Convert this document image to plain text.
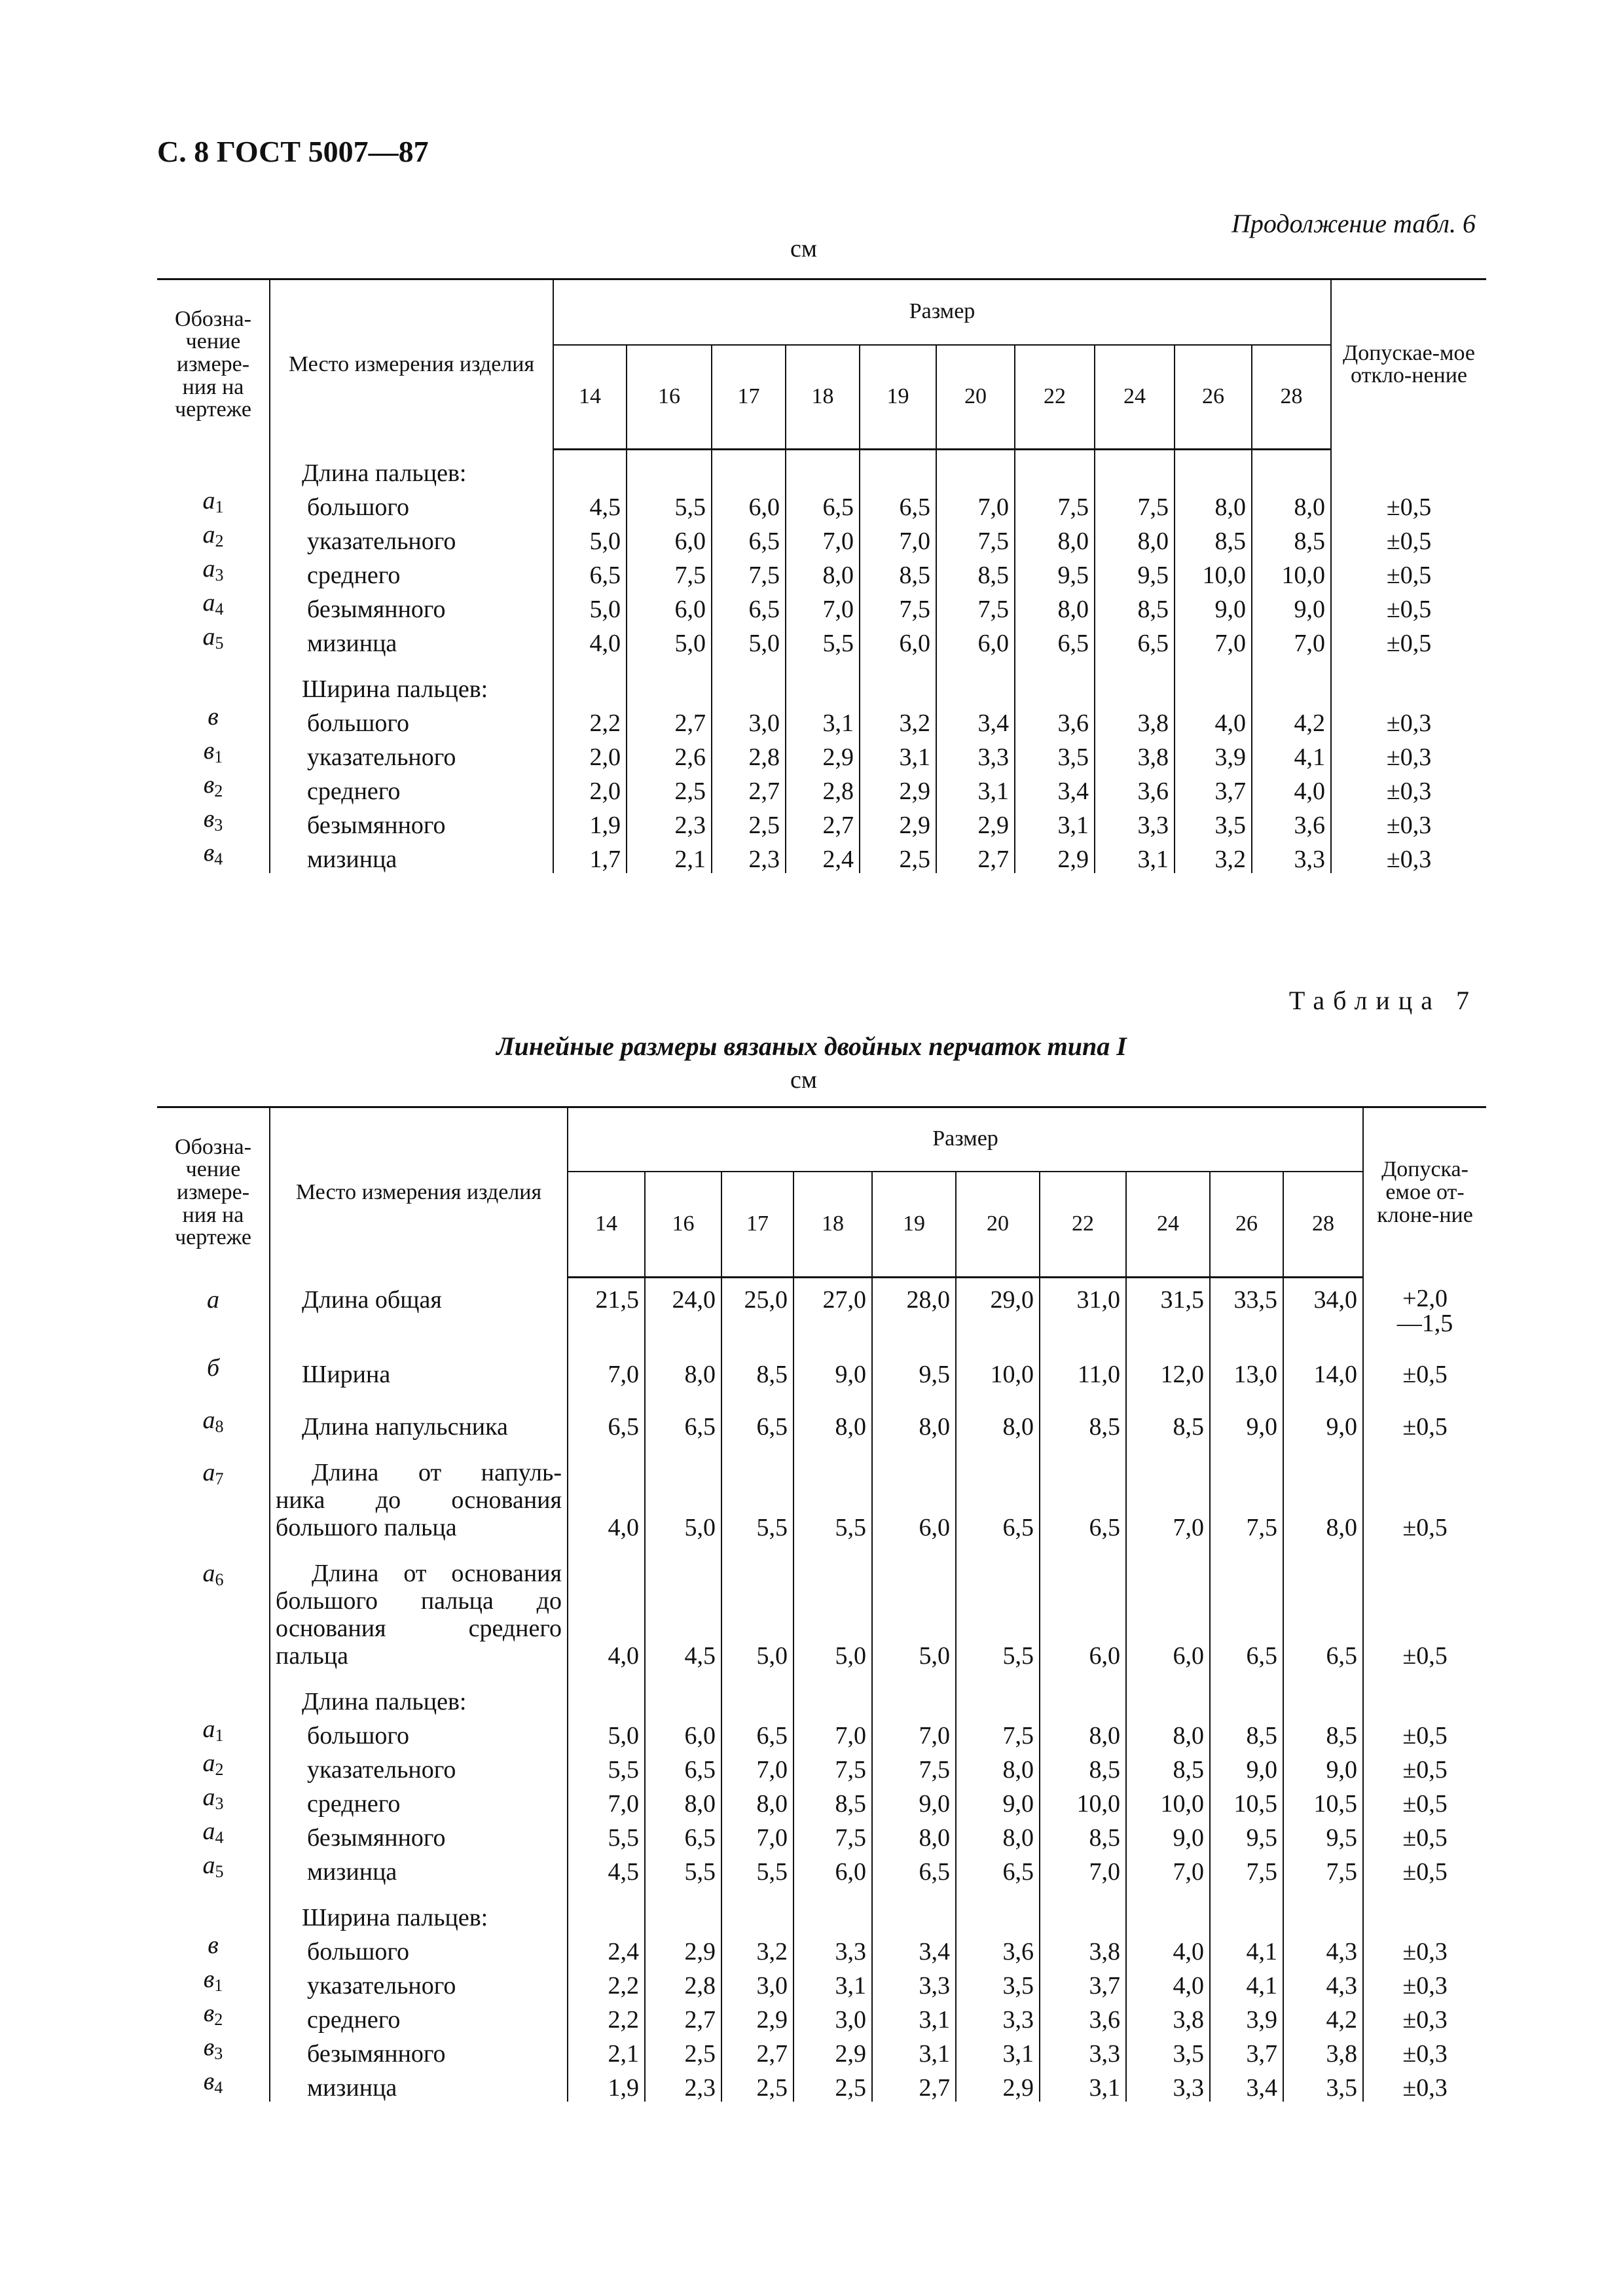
С. 8 ГОСТ 5007—87
Продолжение табл. 6
см
Обозна-чение измере-ния на чертеже	Место измерения изделия	Размер										Допускае-мое откло-нение
		14	16	17	18	19	20	22	24	26	28	

	Длина пальцев:											

$a_1$	большого	4,5	5,5	6,0	6,5	6,5	7,0	7,5	7,5	8,0	8,0	±0,5
$a_2$	указательного	5,0	6,0	6,5	7,0	7,0	7,5	8,0	8,0	8,5	8,5	±0,5
$a_3$	среднего	6,5	7,5	7,5	8,0	8,5	8,5	9,5	9,5	10,0	10,0	±0,5
$a_4$	безымянного	5,0	6,0	6,5	7,0	7,5	7,5	8,0	8,5	9,0	9,0	±0,5
$a_5$	мизинца	4,0	5,0	5,0	5,5	6,0	6,0	6,5	6,5	7,0	7,0	±0,5

	Ширина пальцев:											

в	большого	2,2	2,7	3,0	3,1	3,2	3,4	3,6	3,8	4,0	4,2	±0,3
$в_1$	указательного	2,0	2,6	2,8	2,9	3,1	3,3	3,5	3,8	3,9	4,1	±0,3
$в_2$	среднего	2,0	2,5	2,7	2,8	2,9	3,1	3,4	3,6	3,7	4,0	±0,3
$в_3$	безымянного	1,9	2,3	2,5	2,7	2,9	2,9	3,1	3,3	3,5	3,6	±0,3
$в_4$	мизинца	1,7	2,1	2,3	2,4	2,5	2,7	2,9	3,1	3,2	3,3	±0,3
Таблица 7
Линейные размеры вязаных двойных перчаток типа I
см
Обозна-чение измере-ния на чертеже	Место измерения изделия	Размер										Допуска-емое от-клоне-ние
		14	16	17	18	19	20	22	24	26	28	

а	Длина общая	21,5	24,0	25,0	27,0	28,0	29,0	31,0	31,5	33,5	34,0	+2,0
—1,5

б	Ширина	7,0	8,0	8,5	9,0	9,5	10,0	11,0	12,0	13,0	14,0	±0,5

$a_8$	Длина напульсника	6,5	6,5	6,5	8,0	8,0	8,0	8,5	8,5	9,0	9,0	±0,5

$a_7$	Длина от напуль-
ника до основания
большого пальца	4,0	5,0	5,5	5,5	6,0	6,5	6,5	7,0	7,5	8,0	±0,5

$a_6$	Длина от основания
большого пальца до
основания среднего
пальца	4,0	4,5	5,0	5,0	5,0	5,5	6,0	6,0	6,5	6,5	±0,5

	Длина пальцев:											

$a_1$	большого	5,0	6,0	6,5	7,0	7,0	7,5	8,0	8,0	8,5	8,5	±0,5
$a_2$	указательного	5,5	6,5	7,0	7,5	7,5	8,0	8,5	8,5	9,0	9,0	±0,5
$a_3$	среднего	7,0	8,0	8,0	8,5	9,0	9,0	10,0	10,0	10,5	10,5	±0,5
$a_4$	безымянного	5,5	6,5	7,0	7,5	8,0	8,0	8,5	9,0	9,5	9,5	±0,5
$a_5$	мизинца	4,5	5,5	5,5	6,0	6,5	6,5	7,0	7,0	7,5	7,5	±0,5

	Ширина пальцев:											

в	большого	2,4	2,9	3,2	3,3	3,4	3,6	3,8	4,0	4,1	4,3	±0,3
$в_1$	указательного	2,2	2,8	3,0	3,1	3,3	3,5	3,7	4,0	4,1	4,3	±0,3
$в_2$	среднего	2,2	2,7	2,9	3,0	3,1	3,3	3,6	3,8	3,9	4,2	±0,3
$в_3$	безымянного	2,1	2,5	2,7	2,9	3,1	3,1	3,3	3,5	3,7	3,8	±0,3
$в_4$	мизинца	1,9	2,3	2,5	2,5	2,7	2,9	3,1	3,3	3,4	3,5	±0,3
